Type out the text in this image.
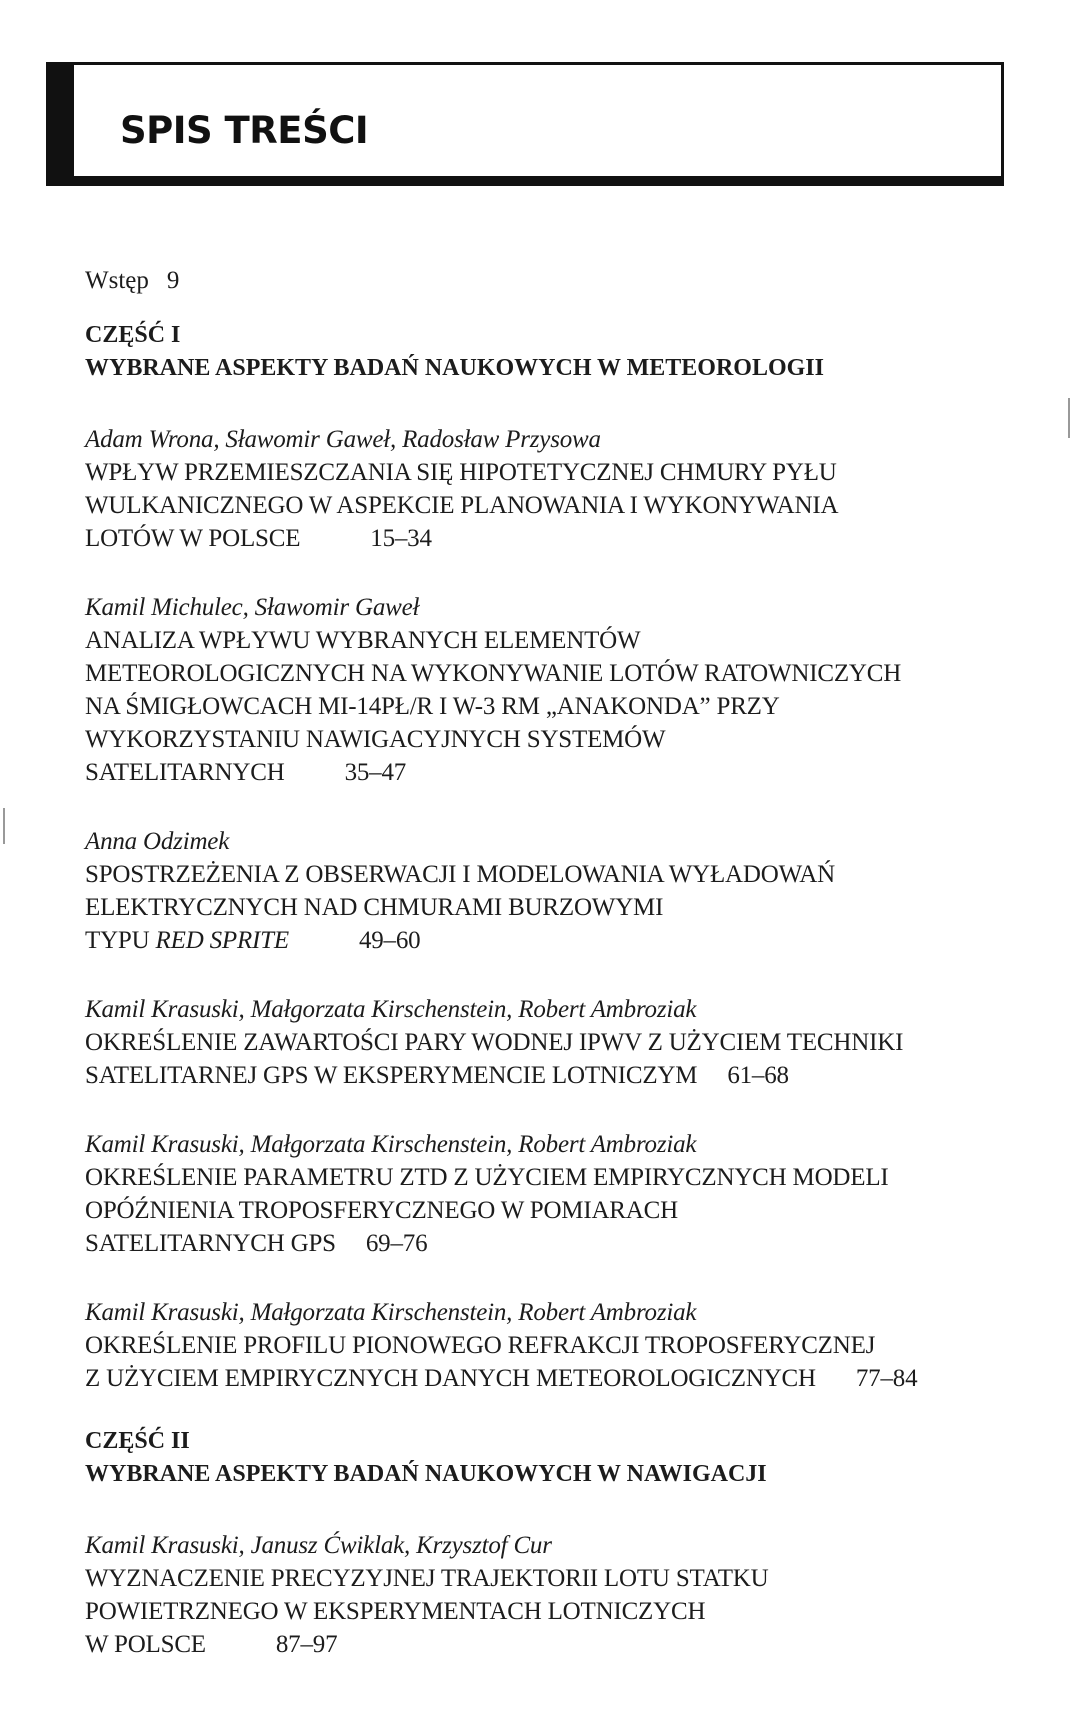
SPIS TREŚCI

Wstęp 9

CZĘŚĆ I

WYBRANE ASPEKTY BADAŃ NAUKOWYCH W METEOROLOGII

Adam Wrona, Sławomir Gaweł, Radosław Przysowa
WPŁYW PRZEMIESZCZANIA SIĘ HIPOTETYCZNEJ CHMURY PYŁU
WULKANICZNEGO W ASPEKCIE PLANOWANIA I WYKONYWANIA
LOTÓW W POLSCE	15–34
Kamil Michulec, Sławomir Gaweł
ANALIZA WPŁYWU WYBRANYCH ELEMENTÓW
METEOROLOGICZNYCH NA WYKONYWANIE LOTÓW RATOWNICZYCH
NA ŚMIGŁOWCACH MI-14PŁ/R I W-3 RM „ANAKONDA” PRZY
WYKORZYSTANIU NAWIGACYJNYCH SYSTEMÓW
SATELITARNYCH 35–47
Anna Odzimek
SPOSTRZEŻENIA Z OBSERWACJI I MODELOWANIA WYŁADOWAŃ
ELEKTRYCZNYCH NAD CHMURAMI BURZOWYMI
TYPU RED SPRITE	49–60
Kamil Krasuski, Małgorzata Kirschenstein, Robert Ambroziak
OKREŚLENIE ZAWARTOŚCI PARY WODNEJ IPWV Z UŻYCIEM TECHNIKI
SATELITARNEJ GPS W EKSPERYMENCIE LOTNICZYM 61–68
Kamil Krasuski, Małgorzata Kirschenstein, Robert Ambroziak
OKREŚLENIE PARAMETRU ZTD Z UŻYCIEM EMPIRYCZNYCH MODELI
OPÓŹNIENIA TROPOSFERYCZNEGO W POMIARACH
SATELITARNYCH GPS 69–76
Kamil Krasuski, Małgorzata Kirschenstein, Robert Ambroziak
OKREŚLENIE PROFILU PIONOWEGO REFRAKCJI TROPOSFERYCZNEJ
Z UŻYCIEM EMPIRYCZNYCH DANYCH METEOROLOGICZNYCH 77–84

CZĘŚĆ II

WYBRANE ASPEKTY BADAŃ NAUKOWYCH W NAWIGACJI

Kamil Krasuski, Janusz Ćwiklak, Krzysztof Cur
WYZNACZENIE PRECYZYJNEJ TRAJEKTORII LOTU STATKU
POWIETRZNEGO W EKSPERYMENTACH LOTNICZYCH
W POLSCE	87–97
